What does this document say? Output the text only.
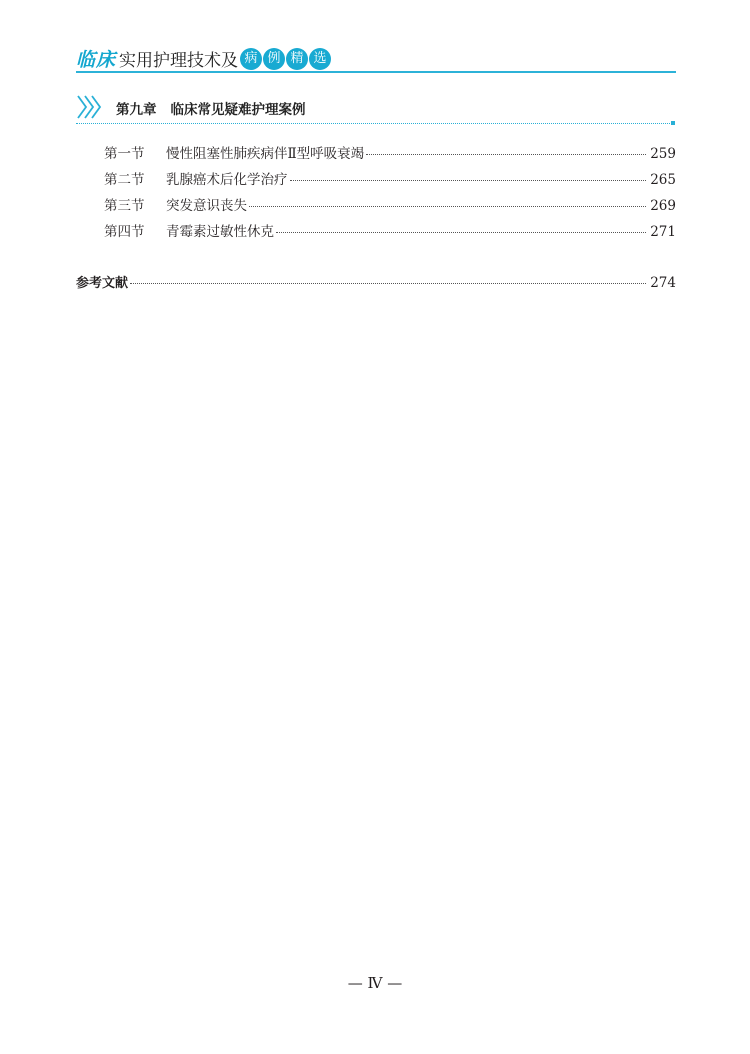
临床 实用护理技术及 病 例 精 选
第九章 临床常见疑难护理案例
第一节	慢性阻塞性肺疾病伴Ⅱ型呼吸衰竭	259
第二节	乳腺癌术后化学治疗	265
第三节	突发意识丧失	269
第四节	青霉素过敏性休克	271
参考文献	274
— Ⅳ —
